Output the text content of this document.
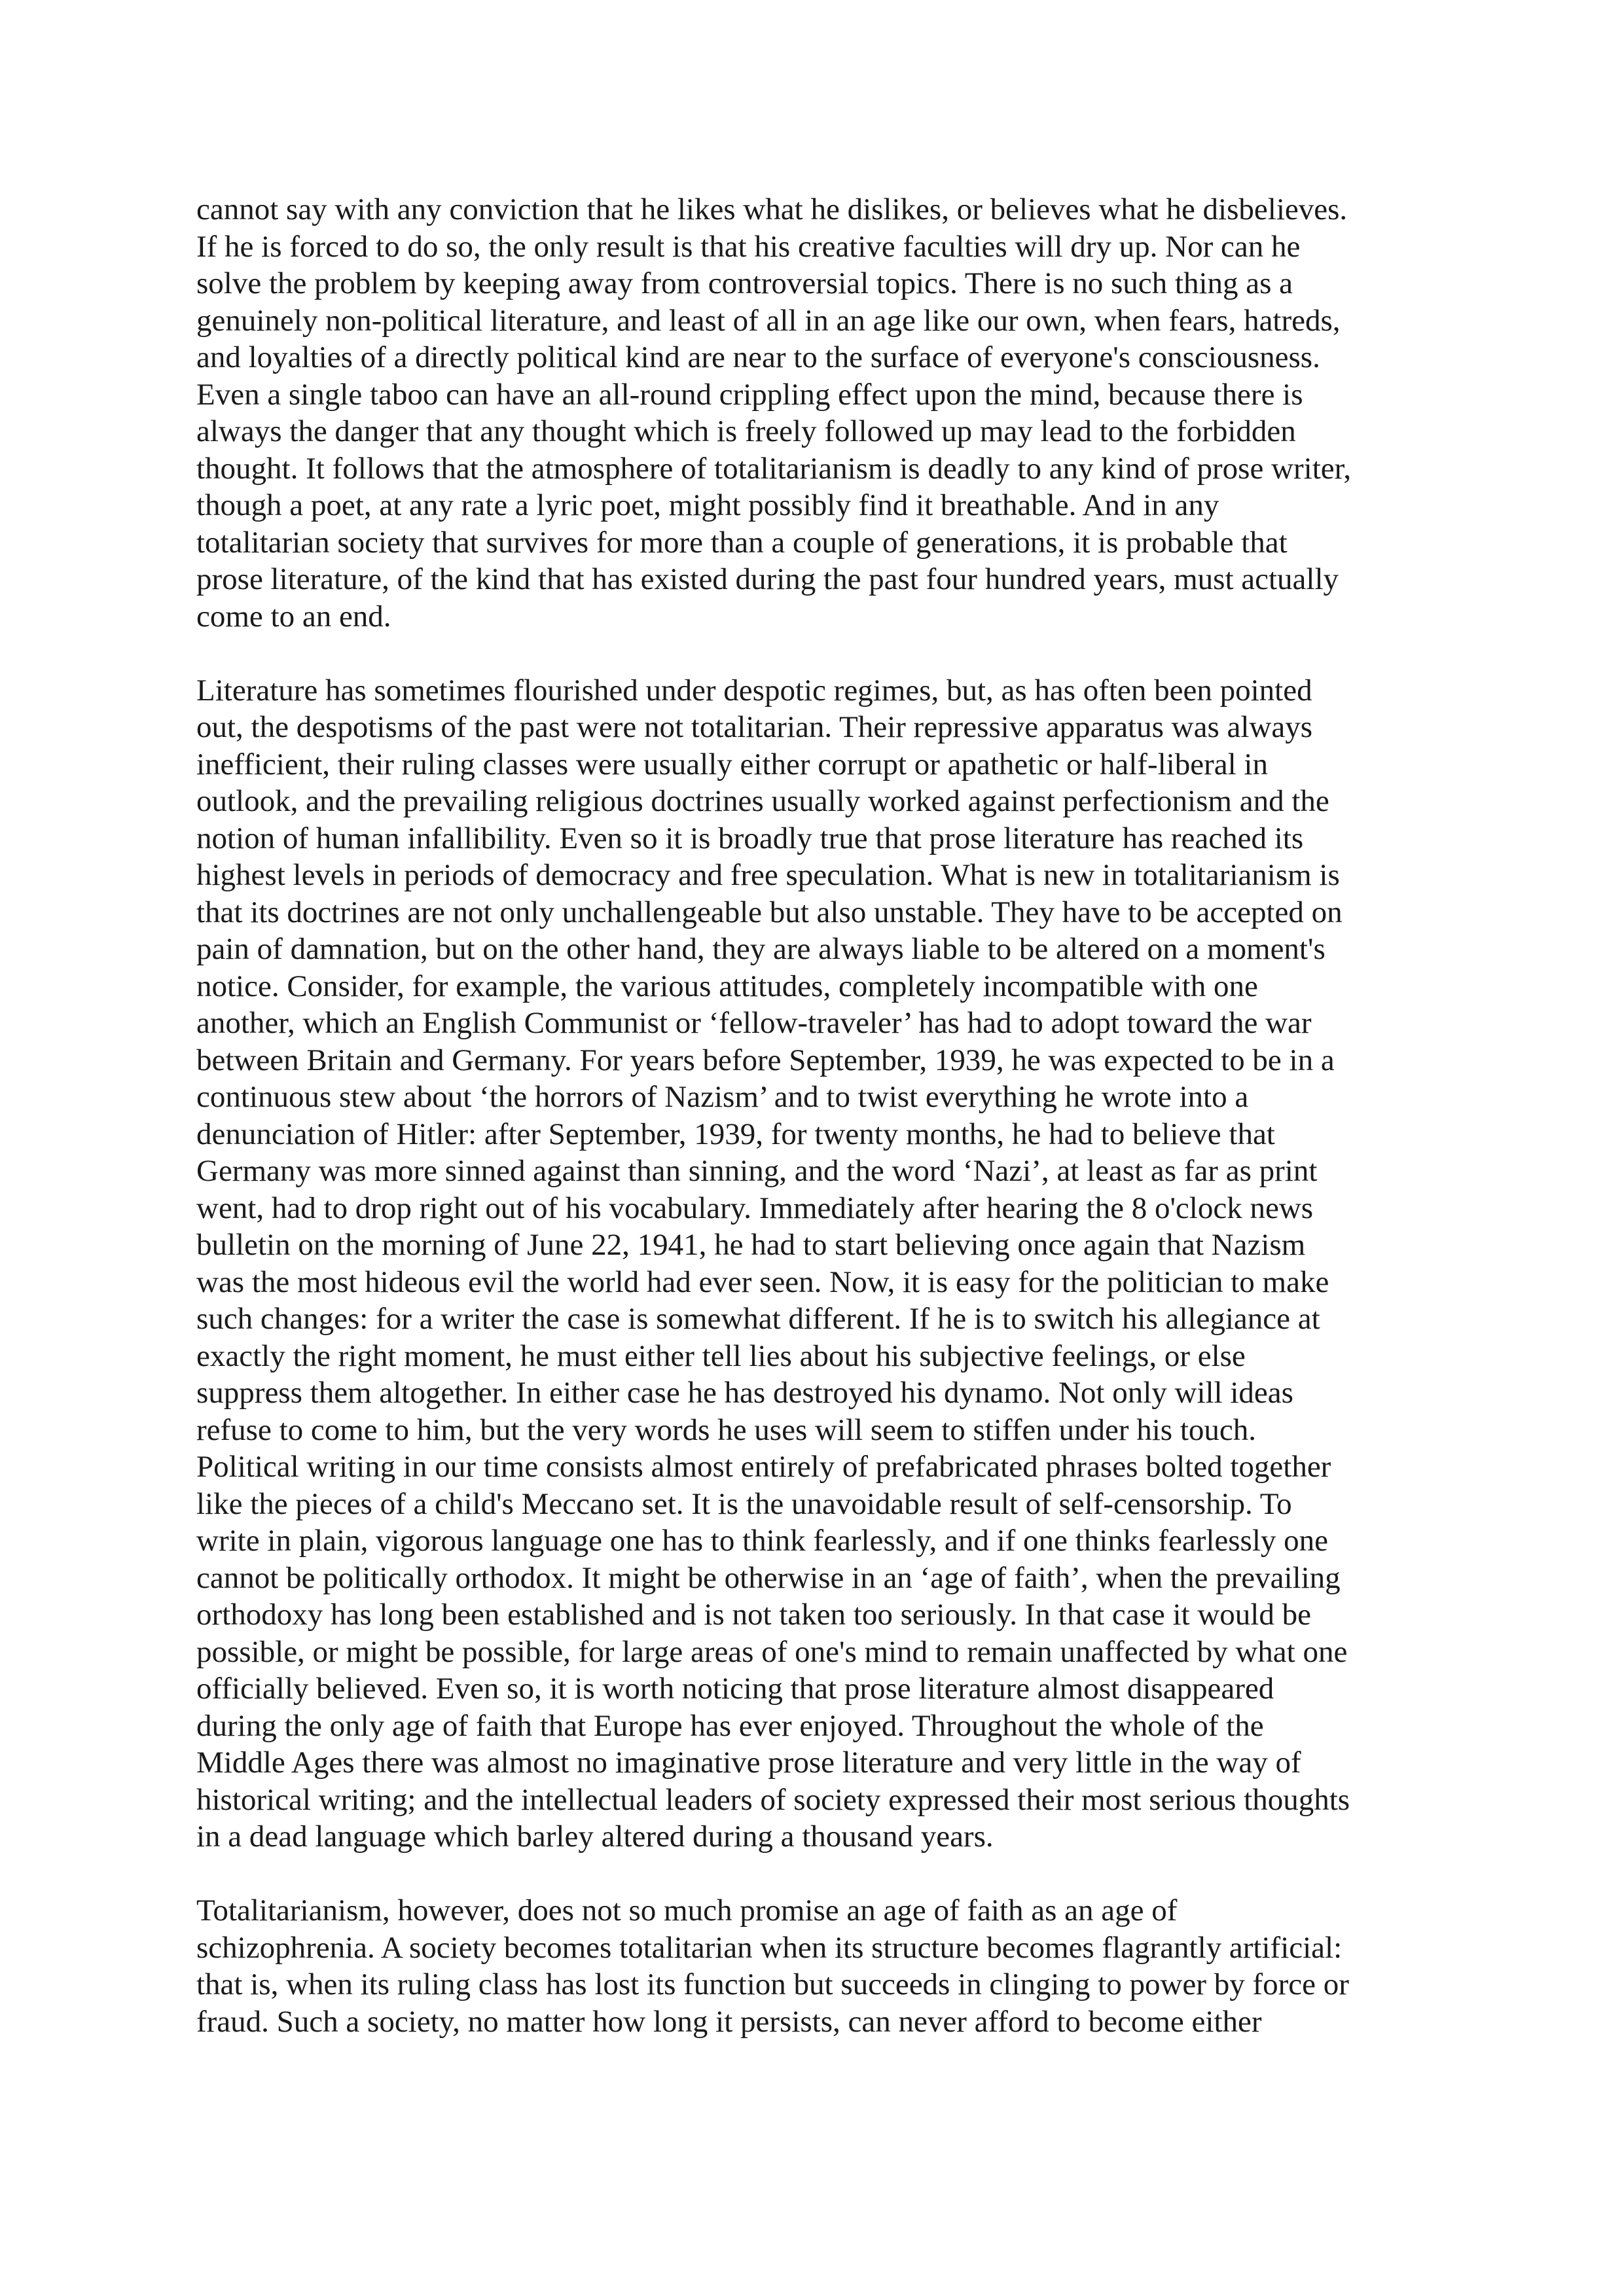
cannot say with any conviction that he likes what he dislikes, or believes what he disbelieves.
If he is forced to do so, the only result is that his creative faculties will dry up. Nor can he
solve the problem by keeping away from controversial topics. There is no such thing as a
genuinely non-political literature, and least of all in an age like our own, when fears, hatreds,
and loyalties of a directly political kind are near to the surface of everyone's consciousness.
Even a single taboo can have an all-round crippling effect upon the mind, because there is
always the danger that any thought which is freely followed up may lead to the forbidden
thought. It follows that the atmosphere of totalitarianism is deadly to any kind of prose writer,
though a poet, at any rate a lyric poet, might possibly find it breathable. And in any
totalitarian society that survives for more than a couple of generations, it is probable that
prose literature, of the kind that has existed during the past four hundred years, must actually
come to an end.
Literature has sometimes flourished under despotic regimes, but, as has often been pointed
out, the despotisms of the past were not totalitarian. Their repressive apparatus was always
inefficient, their ruling classes were usually either corrupt or apathetic or half-liberal in
outlook, and the prevailing religious doctrines usually worked against perfectionism and the
notion of human infallibility. Even so it is broadly true that prose literature has reached its
highest levels in periods of democracy and free speculation. What is new in totalitarianism is
that its doctrines are not only unchallengeable but also unstable. They have to be accepted on
pain of damnation, but on the other hand, they are always liable to be altered on a moment's
notice. Consider, for example, the various attitudes, completely incompatible with one
another, which an English Communist or ‘fellow-traveler’ has had to adopt toward the war
between Britain and Germany. For years before September, 1939, he was expected to be in a
continuous stew about ‘the horrors of Nazism’ and to twist everything he wrote into a
denunciation of Hitler: after September, 1939, for twenty months, he had to believe that
Germany was more sinned against than sinning, and the word ‘Nazi’, at least as far as print
went, had to drop right out of his vocabulary. Immediately after hearing the 8 o'clock news
bulletin on the morning of June 22, 1941, he had to start believing once again that Nazism
was the most hideous evil the world had ever seen. Now, it is easy for the politician to make
such changes: for a writer the case is somewhat different. If he is to switch his allegiance at
exactly the right moment, he must either tell lies about his subjective feelings, or else
suppress them altogether. In either case he has destroyed his dynamo. Not only will ideas
refuse to come to him, but the very words he uses will seem to stiffen under his touch.
Political writing in our time consists almost entirely of prefabricated phrases bolted together
like the pieces of a child's Meccano set. It is the unavoidable result of self-censorship. To
write in plain, vigorous language one has to think fearlessly, and if one thinks fearlessly one
cannot be politically orthodox. It might be otherwise in an ‘age of faith’, when the prevailing
orthodoxy has long been established and is not taken too seriously. In that case it would be
possible, or might be possible, for large areas of one's mind to remain unaffected by what one
officially believed. Even so, it is worth noticing that prose literature almost disappeared
during the only age of faith that Europe has ever enjoyed. Throughout the whole of the
Middle Ages there was almost no imaginative prose literature and very little in the way of
historical writing; and the intellectual leaders of society expressed their most serious thoughts
in a dead language which barley altered during a thousand years.
Totalitarianism, however, does not so much promise an age of faith as an age of
schizophrenia. A society becomes totalitarian when its structure becomes flagrantly artificial:
that is, when its ruling class has lost its function but succeeds in clinging to power by force or
fraud. Such a society, no matter how long it persists, can never afford to become either
